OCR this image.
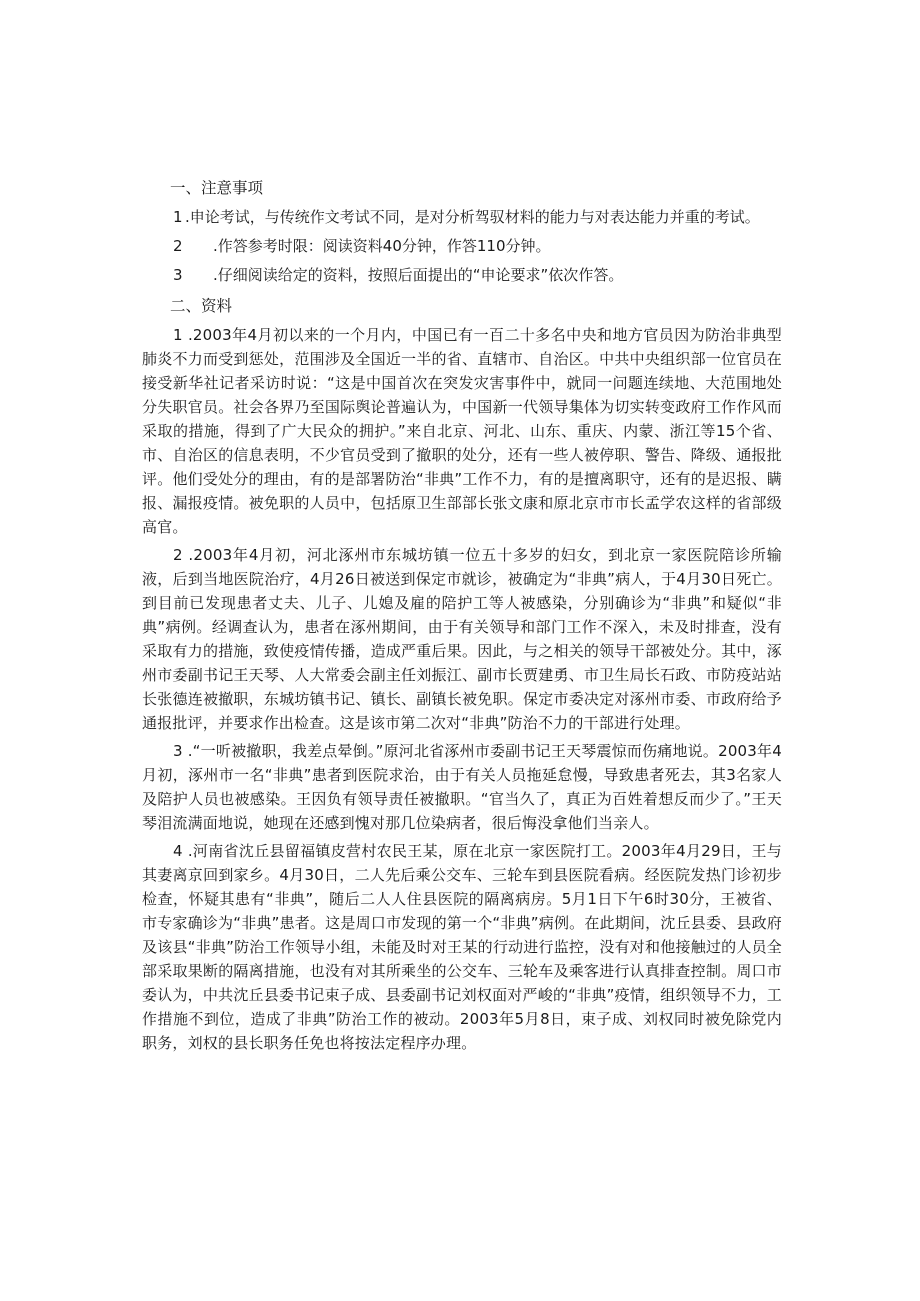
一、注意事项
1 .申论考试，与传统作文考试不同，是对分析驾驭材料的能力与对表达能力并重的考试。
2 .作答参考时限：阅读资料40分钟，作答110分钟。
3 .仔细阅读给定的资料，按照后面提出的“申论要求”依次作答。
二、资料

1 .2003年4月初以来的一个月内，中国已有一百二十多名中央和地方官员因为防治非典型肺炎不力而受到惩处，范围涉及全国近一半的省、直辖市、自治区。中共中央组织部一位官员在接受新华社记者采访时说：“这是中国首次在突发灾害事件中，就同一问题连续地、大范围地处分失职官员。社会各界乃至国际舆论普遍认为，中国新一代领导集体为切实转变政府工作作风而采取的措施，得到了广大民众的拥护。”来自北京、河北、山东、重庆、内蒙、浙江等15个省、市、自治区的信息表明，不少官员受到了撤职的处分，还有一些人被停职、警告、降级、通报批评。他们受处分的理由，有的是部署防治“非典”工作不力，有的是擅离职守，还有的是迟报、瞒报、漏报疫情。被免职的人员中，包括原卫生部部长张文康和原北京市市长孟学农这样的省部级高官。

2 .2003年4月初，河北涿州市东城坊镇一位五十多岁的妇女，到北京一家医院陪诊所输液，后到当地医院治疗，4月26日被送到保定市就诊，被确定为“非典”病人，于4月30日死亡。到目前已发现患者丈夫、儿子、儿媳及雇的陪护工等人被感染，分别确诊为“非典”和疑似“非典”病例。经调查认为，患者在涿州期间，由于有关领导和部门工作不深入，未及时排查，没有采取有力的措施，致使疫情传播，造成严重后果。因此，与之相关的领导干部被处分。其中，涿州市委副书记王天琴、人大常委会副主任刘振江、副市长贾建勇、市卫生局长石政、市防疫站站长张德连被撤职，东城坊镇书记、镇长、副镇长被免职。保定市委决定对涿州市委、市政府给予通报批评，并要求作出检查。这是该市第二次对“非典”防治不力的干部进行处理。

3 .“一听被撤职，我差点晕倒。”原河北省涿州市委副书记王天琴震惊而伤痛地说。2003年4月初，涿州市一名“非典”患者到医院求治，由于有关人员拖延怠慢，导致患者死去，其3名家人及陪护人员也被感染。王因负有领导责任被撤职。“官当久了，真正为百姓着想反而少了。”王天琴泪流满面地说，她现在还感到愧对那几位染病者，很后悔没拿他们当亲人。

4 .河南省沈丘县留福镇皮营村农民王某，原在北京一家医院打工。2003年4月29日，王与其妻离京回到家乡。4月30日，二人先后乘公交车、三轮车到县医院看病。经医院发热门诊初步检查，怀疑其患有“非典”，随后二人人住县医院的隔离病房。5月1日下午6时30分，王被省、市专家确诊为“非典”患者。这是周口市发现的第一个“非典”病例。在此期间，沈丘县委、县政府及该县“非典”防治工作领导小组，未能及时对王某的行动进行监控，没有对和他接触过的人员全部采取果断的隔离措施，也没有对其所乘坐的公交车、三轮车及乘客进行认真排查控制。周口市委认为，中共沈丘县委书记束子成、县委副书记刘权面对严峻的“非典”疫情，组织领导不力，工作措施不到位，造成了非典”防治工作的被动。2003年5月8日，束子成、刘权同时被免除党内职务，刘权的县长职务任免也将按法定程序办理。
